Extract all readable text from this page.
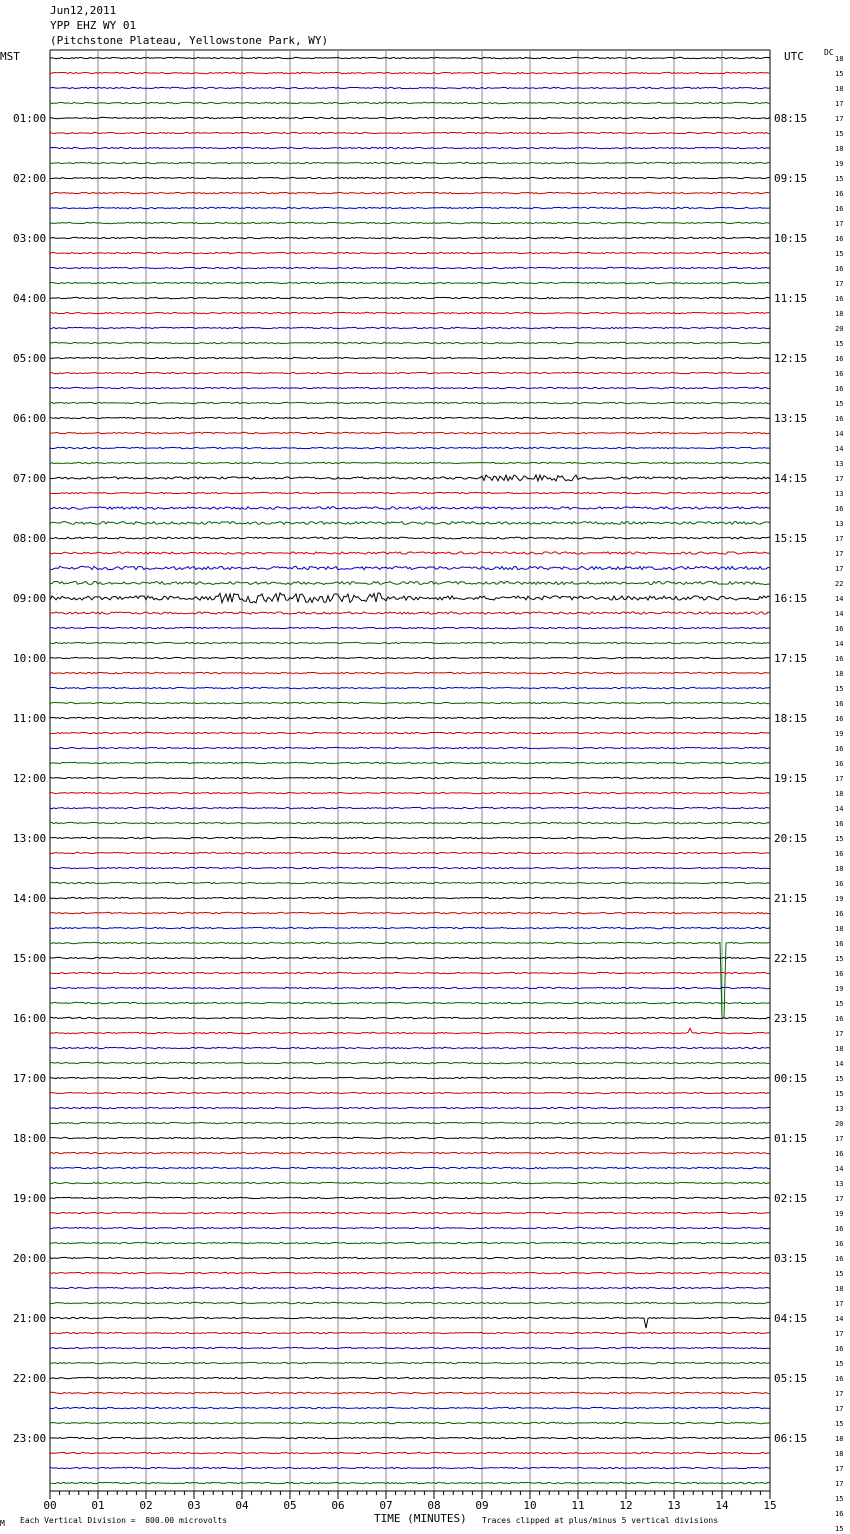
Jun12,2011
YPP EHZ WY 01
(Pitchstone Plateau, Yellowstone Park, WY)
MST	UTC	DC
01:00	08:15
02:00	09:15
03:00	10:15
04:00	11:15
05:00	12:15
06:00	13:15
07:00	14:15
08:00	15:15
09:00	16:15
10:00	17:15
11:00	18:15
12:00	19:15
13:00	20:15
14:00	21:15
15:00	22:15
16:00	23:15
17:00	00:15
18:00	01:15
19:00	02:15
20:00	03:15
21:00	04:15
22:00	05:15
23:00	06:15
18
15
18
17
17
15
18
19
15
16
16
17
16
15
16
17
16
18
20
15
16
16
16
15
16
14
14
13
17
13
16
13
17
17
17
22
14
14
16
14
16
18
15
16
16
19
16
16
17
18
14
16
15
16
18
16
19
16
18
16
15
16
19
15
16
17
18
14
15
15
13
20
17
16
14
13
17
19
16
16
16
15
18
17
14
17
16
15
16
17
17
15
18
18
17
17
15
16
15
00	01	02	03	04	05	06	07	08	09	10	11	12	13	14	15
M Each Vertical Division =  800.00 microvolts	TIME (MINUTES) Traces clipped at plus/minus 5 vertical divisions
